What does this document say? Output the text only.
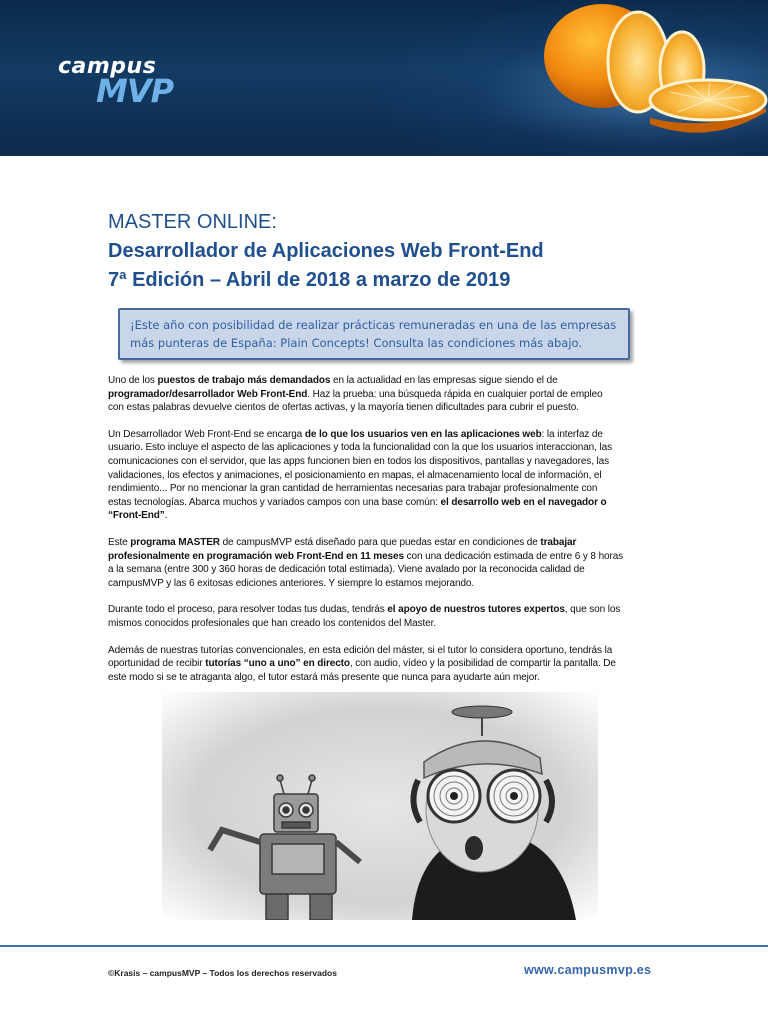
campus
MVP
MASTER ONLINE:
Desarrollador de Aplicaciones Web Front-End
7ª Edición – Abril de 2018 a marzo de 2019
¡Este año con posibilidad de realizar prácticas remuneradas en una de las empresas
más punteras de España: Plain Concepts! Consulta las condiciones más abajo.

Uno de los puestos de trabajo más demandados en la actualidad en las empresas sigue siendo el de
programador/desarrollador Web Front-End. Haz la prueba: una búsqueda rápida en cualquier portal de empleo
con estas palabras devuelve cientos de ofertas activas, y la mayoría tienen dificultades para cubrir el puesto.

Un Desarrollador Web Front-End se encarga de lo que los usuarios ven en las aplicaciones web: la interfaz de
usuario. Esto incluye el aspecto de las aplicaciones y toda la funcionalidad con la que los usuarios interaccionan, las
comunicaciones con el servidor, que las apps funcionen bien en todos los dispositivos, pantallas y navegadores, las
validaciones, los efectos y animaciones, el posicionamiento en mapas, el almacenamiento local de información, el
rendimiento... Por no mencionar la gran cantidad de herramientas necesarias para trabajar profesionalmente con
estas tecnologías. Abarca muchos y variados campos con una base común: el desarrollo web en el navegador o
“Front-End”.

Este programa MASTER de campusMVP está diseñado para que puedas estar en condiciones de trabajar
profesionalmente en programación web Front-End en 11 meses con una dedicación estimada de entre 6 y 8 horas
a la semana (entre 300 y 360 horas de dedicación total estimada). Viene avalado por la reconocida calidad de
campusMVP y las 6 exitosas ediciones anteriores. Y siempre lo estamos mejorando.

Durante todo el proceso, para resolver todas tus dudas, tendrás el apoyo de nuestros tutores expertos, que son los
mismos conocidos profesionales que han creado los contenidos del Master.

Además de nuestras tutorías convencionales, en esta edición del máster, si el tutor lo considera oportuno, tendrás la
oportunidad de recibir tutorías “uno a uno” en directo, con audio, vídeo y la posibilidad de compartir la pantalla. De
este modo si se te atraganta algo, el tutor estará más presente que nunca para ayudarte aún mejor.

©Krasis – campusMVP – Todos los derechos reservados	www.campusmvp.es
